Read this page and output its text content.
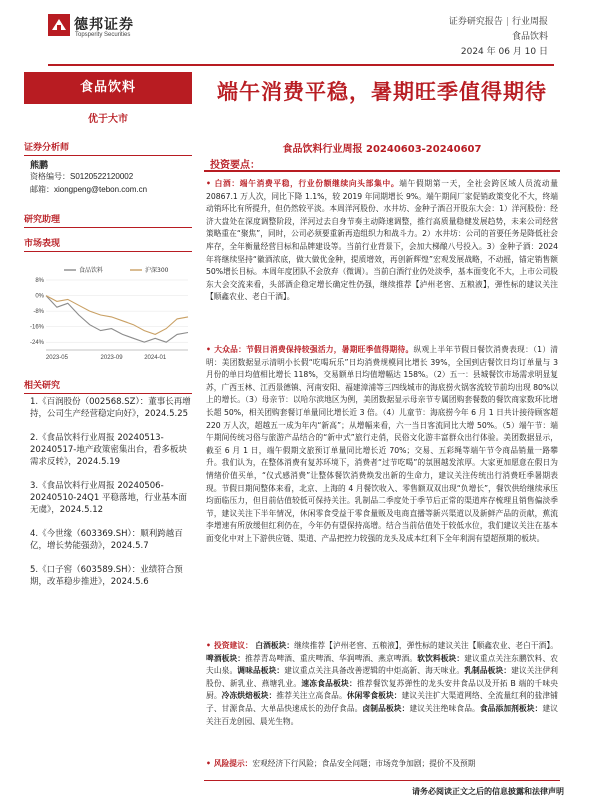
德邦证券
Topsperity Securities
证券研究报告 | 行业周报
食品饮料
2024 年 06 月 10 日
食品饮料
优于大市
证券分析师
熊鹏
资格编号：S0120522120002
邮箱：xiongpeng@tebon.com.cn
研究助理
市场表现
8%
0%
-8%
-16%
-24%
2023-05	2023-09	2024-01
食品饮料	沪深300
相关研究
1.《百润股份（002568.SZ）：董事长再增持，公司生产经营稳定向好》，2024.5.25
2.《食品饮料行业周报 20240513-20240517-地产政策密集出台，看多板块需求反转》，2024.5.19
3.《食品饮料行业周报 20240506-20240510-24Q1 平稳落地，行业基本面无虞》，2024.5.12
4.《今世缘（603369.SH）：顺利跨越百亿，增长势能强劲》，2024.5.7
5.《口子窖（603589.SH）：业绩符合预期，改革稳步推进》，2024.5.6
端午消费平稳，暑期旺季值得期待
食品饮料行业周报 20240603-20240607
投资要点：
• 白酒：端午消费平稳，行业份额继续向头部集中。端午假期第一天，全社会跨区域人员流动量 20867.1 万人次，同比下降 1.1%，较 2019 年同期增长 9%。端午期间厂家促销政策变化不大，终端动销环比有所提升，但仍然较平淡。本周洋河股份、水井坊、金种子酒召开股东大会：1）洋河股份：经济大盘处在深度调整阶段，洋河过去自身节奏主动降速调整，推行高质量稳健发展趋势，未来公司经营策略重在“聚焦”，同时，公司必须要重新再造组织力和战斗力。2）水井坊：公司的首要任务是降低社会库存，全年衡量经营目标和品牌建设等。当前行业背景下，会加大梯酿八号投入。3）金种子酒：2024 年将继续坚持“徽酒浓底，做大做优金种，提质增效，再创新辉煌”宏观发展战略，不动摇，锚定销售额 50%增长目标。本周年度团队不会放弃（微调）。当前白酒行业仍处淡季，基本面变化不大，上市公司股东大会交流来看，头部酒企稳定增长确定性仍强，继续推荐【泸州老窖、五粮液】，弹性标的建议关注【顺鑫农业、老白干酒】。
• 大众品：节假日消费保持较强活力，暑期旺季值得期待。纵观上半年节假日餐饮消费表现：（1）清明：美团数据显示清明小长假“吃喝玩乐”日均消费规模同比增长 39%，全国到店餐饮日均订单量与 3 月份的单日均值相比增长 118%，交易额单日均值增幅达 158%。（2）五一：县城餐饮市场需求明显复苏，广西玉林、江西景德镇、河南安阳、福建漳浦等三四线城市的海底捞火锅客流较节前均出现 80%以上的增长。（3）母亲节：以哈尔滨地区为例，美团数据显示母亲节专属团购套餐数的餐饮商家数环比增长超 50%，相关团购套餐订单量同比增长近 3 倍。（4）儿童节：海底捞今年 6 月 1 日共计接待顾客超 220 万人次，超越五一成为年内“新高”；从增幅来看，六一当日客流同比大增 50%。（5）端午节：端午期间传统习俗与旅游产品结合的“新中式”旅行走俏，民俗文化游丰富群众出行体验。美团数据显示，截至 6 月 1 日，端午假期文旅预订单量同比增长近 70%；交易、五彩绳等端午节令商品销量一路攀升。我们认为，在整体消费有复苏环境下，消费者“过节吃喝”的氛围越发浓厚。大家更加愿意在假日为情绪价值买单，“仪式感消费”让整体餐饮消费焕发出新的生命力，建议关注传统出行消费旺季暑期表现。节假日期间整体来看，北京、上海的 4 月餐饮收入、零售额双双出现“负增长”，餐饮供给继续承压均面临压力，但目前估值较低可保持关注。乳制品二季度处于季节后正常的渠道库存梳理且销售偏淡季节，建议关注下半年情况，休闲零食受益于零食量贩及电商直播等新兴渠道以及新鲜产品的贡献，蕉流李增速有所放缓但红利仍在，今年仍有望保持高增。结合当前估值处于较低水位，我们建议关注在基本面变化中对上下游供应链、渠道、产品把控力较强的龙头及成本红利下全年利润有望超预期的板块。
• 投资建议： 白酒板块：继续推荐【泸州老窖、五粮液】，弹性标的建议关注【顺鑫农业、老白干酒】。啤酒板块：推荐青岛啤酒、重庆啤酒、华润啤酒、燕京啤酒。软饮料板块：建议重点关注东鹏饮料、农夫山泉。调味品板块：建议重点关注具备改善逻辑的中炬高新、海天味业。乳制品板块：建议关注伊利股份、新乳业、燕塘乳业。速冻食品板块：推荐餐饮复苏弹性的龙头安井食品以及开拓 B 端的千味央厨。冷冻烘焙板块：推荐关注立高食品。休闲零食板块：建议关注扩大渠道网络、全流量红利的盐津铺子、甘源食品、大单品快速成长的劲仔食品。卤制品板块：建议关注绝味食品。食品添加剂板块：建议关注百龙创园、晨光生物。
• 风险提示：宏观经济下行风险；食品安全问题；市场竞争加剧；提价不及预期
请务必阅读正文之后的信息披露和法律声明
